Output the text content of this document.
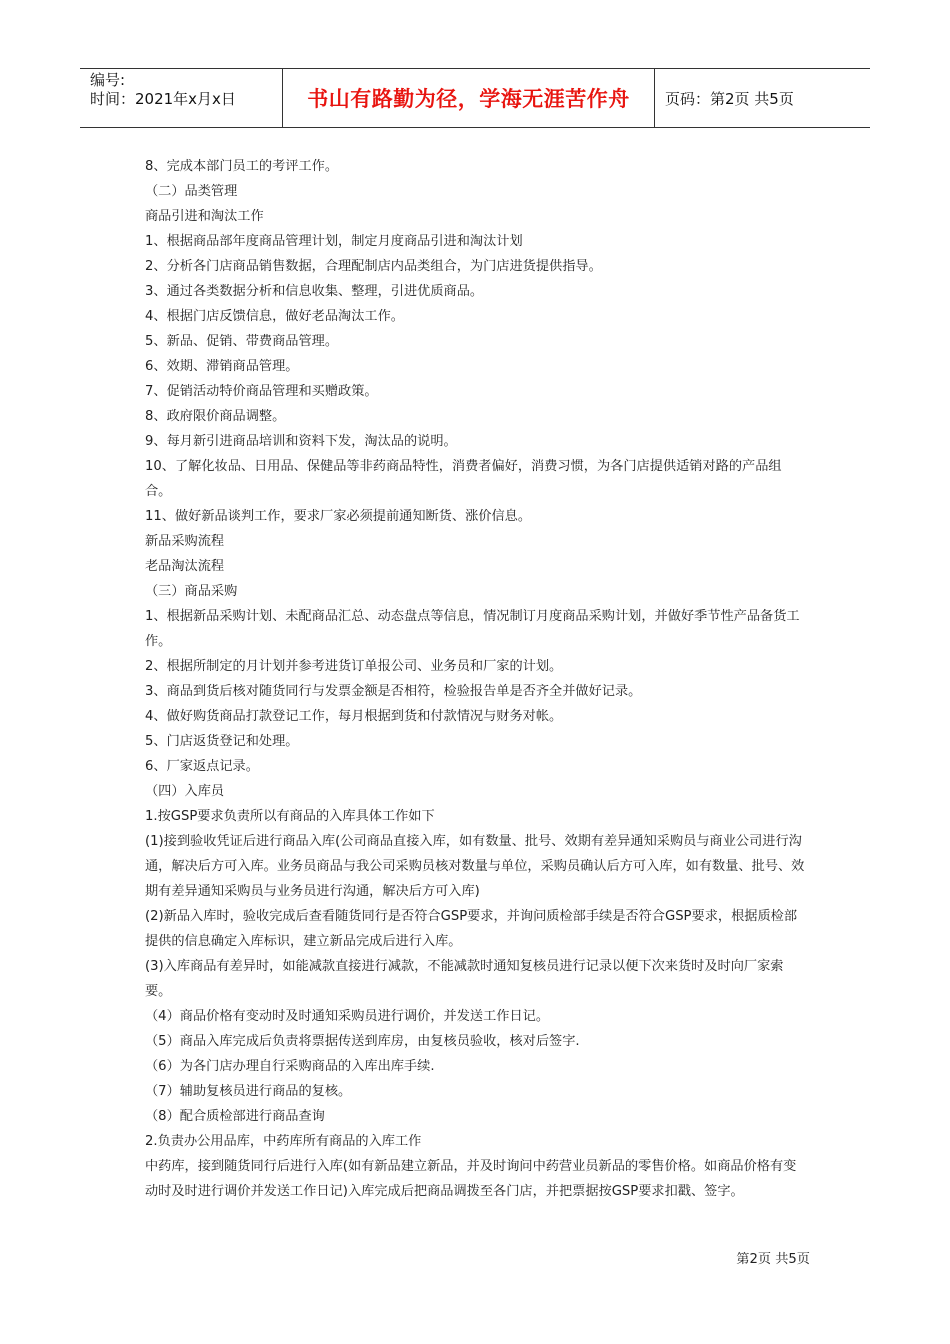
编号:
时间：2021年x月x日	书山有路勤为径，学海无涯苦作舟	页码：第2页 共5页

8、完成本部门员工的考评工作。

（二）品类管理

商品引进和淘汰工作

1、根据商品部年度商品管理计划，制定月度商品引进和淘汰计划

2、分析各门店商品销售数据，合理配制店内品类组合，为门店进货提供指导。

3、通过各类数据分析和信息收集、整理，引进优质商品。

4、根据门店反馈信息，做好老品淘汰工作。

5、新品、促销、带费商品管理。

6、效期、滞销商品管理。

7、促销活动特价商品管理和买赠政策。

8、政府限价商品调整。

9、每月新引进商品培训和资料下发，淘汰品的说明。

10、了解化妆品、日用品、保健品等非药商品特性，消费者偏好，消费习惯，为各门店提供适销对路的产品组合。

11、做好新品谈判工作，要求厂家必须提前通知断货、涨价信息。

新品采购流程

老品淘汰流程

（三）商品采购

1、根据新品采购计划、未配商品汇总、动态盘点等信息，情况制订月度商品采购计划，并做好季节性产品备货工作。

2、根据所制定的月计划并参考进货订单报公司、业务员和厂家的计划。

3、商品到货后核对随货同行与发票金额是否相符，检验报告单是否齐全并做好记录。

4、做好购货商品打款登记工作，每月根据到货和付款情况与财务对帐。

5、门店返货登记和处理。

6、厂家返点记录。

（四）入库员

1.按GSP要求负责所以有商品的入库具体工作如下

(1)接到验收凭证后进行商品入库(公司商品直接入库，如有数量、批号、效期有差异通知采购员与商业公司进行沟通，解决后方可入库。业务员商品与我公司采购员核对数量与单位，采购员确认后方可入库，如有数量、批号、效期有差异通知采购员与业务员进行沟通，解决后方可入库)

(2)新品入库时，验收完成后查看随货同行是否符合GSP要求，并询问质检部手续是否符合GSP要求，根据质检部提供的信息确定入库标识，建立新品完成后进行入库。

(3)入库商品有差异时，如能减款直接进行减款，不能减款时通知复核员进行记录以便下次来货时及时向厂家索要。

（4）商品价格有变动时及时通知采购员进行调价，并发送工作日记。

（5）商品入库完成后负责将票据传送到库房，由复核员验收，核对后签字.

（6）为各门店办理自行采购商品的入库出库手续.

（7）辅助复核员进行商品的复核。

（8）配合质检部进行商品查询

2.负责办公用品库，中药库所有商品的入库工作

中药库，接到随货同行后进行入库(如有新品建立新品，并及时询问中药营业员新品的零售价格。如商品价格有变动时及时进行调价并发送工作日记)入库完成后把商品调拨至各门店，并把票据按GSP要求扣戳、签字。

第2页 共5页
